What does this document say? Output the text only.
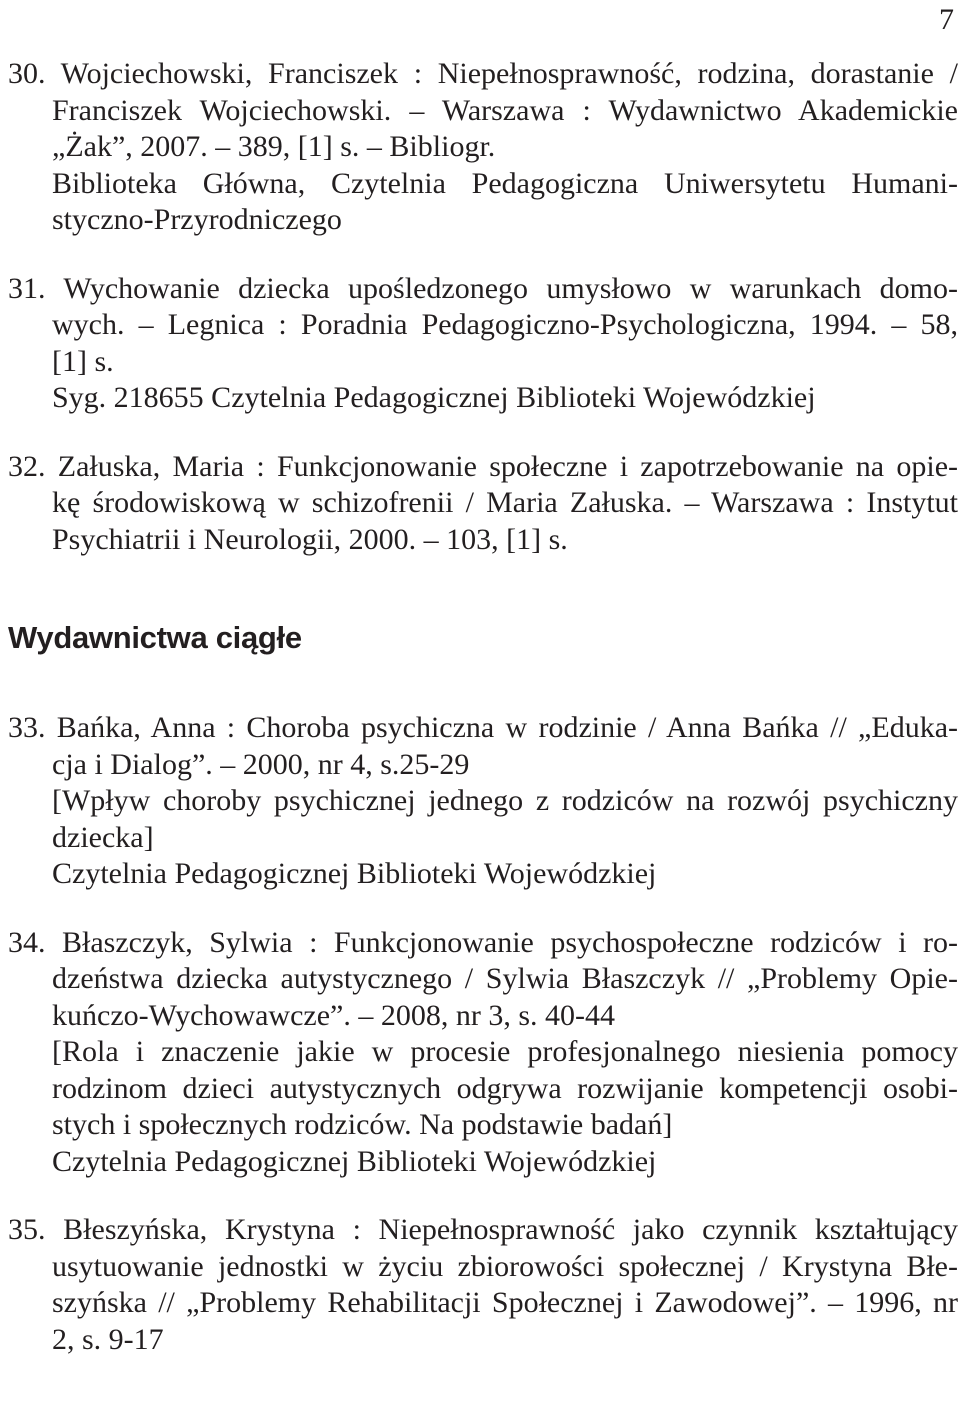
7
30. Wojciechowski, Franciszek : Niepełnosprawność, rodzina, dorastanie /
Franciszek Wojciechowski. – Warszawa : Wydawnictwo Akademickie
„Żak”, 2007. – 389, [1] s. – Bibliogr.
Biblioteka Główna, Czytelnia Pedagogiczna Uniwersytetu Humani-
styczno-Przyrodniczego
31. Wychowanie dziecka upośledzonego umysłowo w warunkach domo-
wych. – Legnica : Poradnia Pedagogiczno-Psychologiczna, 1994. – 58,
[1] s.
Syg. 218655 Czytelnia Pedagogicznej Biblioteki Wojewódzkiej
32. Załuska, Maria : Funkcjonowanie społeczne i zapotrzebowanie na opie-
kę środowiskową w schizofrenii / Maria Załuska. – Warszawa : Instytut
Psychiatrii i Neurologii, 2000. – 103, [1] s.
Wydawnictwa ciągłe
33. Bańka, Anna : Choroba psychiczna w rodzinie / Anna Bańka // „Eduka-
cja i Dialog”. – 2000, nr 4, s.25-29
[Wpływ choroby psychicznej jednego z rodziców na rozwój psychiczny
dziecka]
Czytelnia Pedagogicznej Biblioteki Wojewódzkiej
34. Błaszczyk, Sylwia : Funkcjonowanie psychospołeczne rodziców i ro-
dzeństwa dziecka autystycznego / Sylwia Błaszczyk // „Problemy Opie-
kuńczo-Wychowawcze”. – 2008, nr 3, s. 40-44
[Rola i znaczenie jakie w procesie profesjonalnego niesienia pomocy
rodzinom dzieci autystycznych odgrywa rozwijanie kompetencji osobi-
stych i społecznych rodziców. Na podstawie badań]
Czytelnia Pedagogicznej Biblioteki Wojewódzkiej
35. Błeszyńska, Krystyna : Niepełnosprawność jako czynnik kształtujący
usytuowanie jednostki w życiu zbiorowości społecznej / Krystyna Błe-
szyńska // „Problemy Rehabilitacji Społecznej i Zawodowej”. – 1996, nr
2, s. 9-17
